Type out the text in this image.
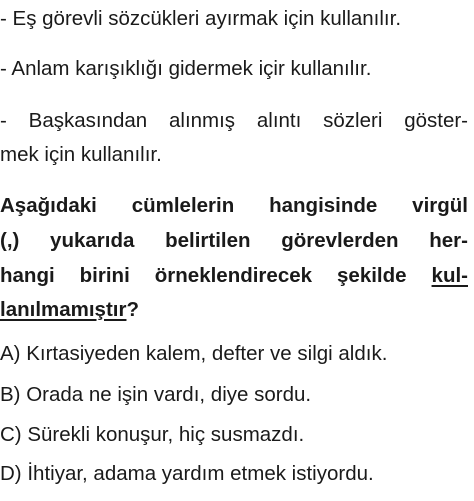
- Eş görevli sözcükleri ayırmak için kullanılır.
- Anlam karışıklığı gidermek içir kullanılır.
- Başkasından alınmış alıntı sözleri göster-
mek için kullanılır.
Aşağıdaki cümlelerin hangisinde virgül
(,) yukarıda belirtilen görevlerden her-
hangi birini örneklendirecek şekilde kul-
lanılmamıştır?
A) Kırtasiyeden kalem, defter ve silgi aldık.
B) Orada ne işin vardı, diye sordu.
C) Sürekli konuşur, hiç susmazdı.
D) İhtiyar, adama yardım etmek istiyordu.
